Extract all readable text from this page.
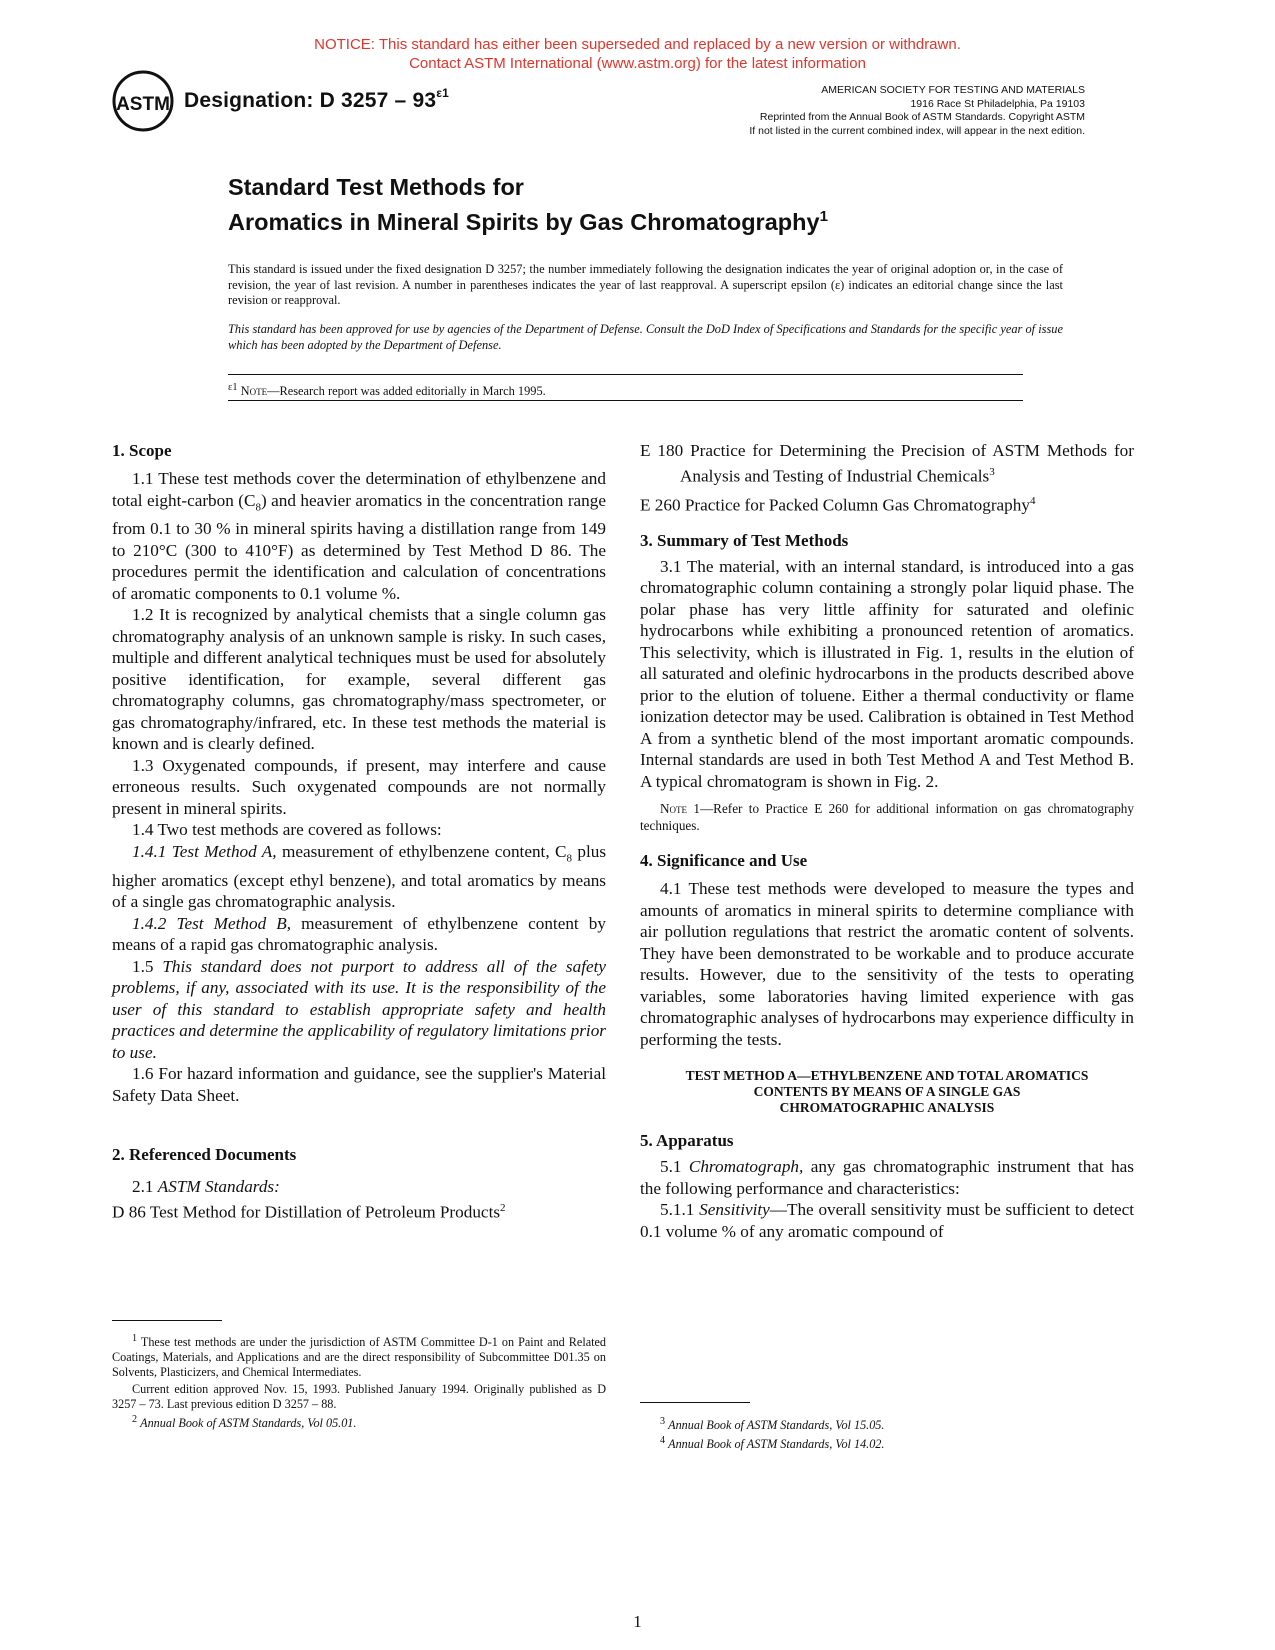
NOTICE: This standard has either been superseded and replaced by a new version or withdrawn.
Contact ASTM International (www.astm.org) for the latest information
ASTM Designation: D $3257 - 93^{\varepsilon 1}$	AMERICAN SOCIETY FOR TESTING AND MATERIALS
1916 Race St Philadelphia, Pa 19103
Reprinted from the Annual Book of ASTM Standards. Copyright ASTM
If not listed in the current combined index, will appear in the next edition.
Standard Test Methods for
Aromatics in Mineral Spirits by Gas Chromatography$^1$
This standard is issued under the fixed designation D 3257; the number immediately following the designation indicates the year of original adoption or, in the case of revision, the year of last revision. A number in parentheses indicates the year of last reapproval. A superscript epsilon (ε) indicates an editorial change since the last revision or reapproval.
This standard has been approved for use by agencies of the Department of Defense. Consult the DoD Index of Specifications and Standards for the specific year of issue which has been adopted by the Department of Defense.
$^{\varepsilon 1}$ Note—Research report was added editorially in March 1995.
1. Scope

1.1 These test methods cover the determination of ethylbenzene and total eight-carbon $(C_8)$ and heavier aromatics in the concentration range from 0.1 to 30 % in mineral spirits having a distillation range from 149 to 210°C (300 to 410°F) as determined by Test Method D 86. The procedures permit the identification and calculation of concentrations of aromatic components to 0.1 volume %.

1.2 It is recognized by analytical chemists that a single column gas chromatography analysis of an unknown sample is risky. In such cases, multiple and different analytical techniques must be used for absolutely positive identification, for example, several different gas chromatography columns, gas chromatography/mass spectrometer, or gas chromatography/infrared, etc. In these test methods the material is known and is clearly defined.

1.3 Oxygenated compounds, if present, may interfere and cause erroneous results. Such oxygenated compounds are not normally present in mineral spirits.

1.4 Two test methods are covered as follows:

1.4.1 Test Method A, measurement of ethylbenzene content, $C_8$ plus higher aromatics (except ethyl benzene), and total aromatics by means of a single gas chromatographic analysis.

1.4.2 Test Method B, measurement of ethylbenzene content by means of a rapid gas chromatographic analysis.

1.5 This standard does not purport to address all of the safety problems, if any, associated with its use. It is the responsibility of the user of this standard to establish appropriate safety and health practices and determine the applicability of regulatory limitations prior to use.

1.6 For hazard information and guidance, see the supplier's Material Safety Data Sheet.

2. Referenced Documents

2.1 ASTM Standards:

D 86 Test Method for Distillation of Petroleum Products$^2$

$^1$ These test methods are under the jurisdiction of ASTM Committee D-1 on Paint and Related Coatings, Materials, and Applications and are the direct responsibility of Subcommittee D01.35 on Solvents, Plasticizers, and Chemical Intermediates.

Current edition approved Nov. 15, 1993. Published January 1994. Originally published as D 3257 – 73. Last previous edition D 3257 – 88.

$^2$ Annual Book of ASTM Standards, Vol 05.01.

E 180 Practice for Determining the Precision of ASTM Methods for Analysis and Testing of Industrial Chemicals$^3$

E 260 Practice for Packed Column Gas Chromatography$^4$

3. Summary of Test Methods

3.1 The material, with an internal standard, is introduced into a gas chromatographic column containing a strongly polar liquid phase. The polar phase has very little affinity for saturated and olefinic hydrocarbons while exhibiting a pronounced retention of aromatics. This selectivity, which is illustrated in Fig. 1, results in the elution of all saturated and olefinic hydrocarbons in the products described above prior to the elution of toluene. Either a thermal conductivity or flame ionization detector may be used. Calibration is obtained in Test Method A from a synthetic blend of the most important aromatic compounds. Internal standards are used in both Test Method A and Test Method B. A typical chromatogram is shown in Fig. 2.

Note 1—Refer to Practice E 260 for additional information on gas chromatography techniques.

4. Significance and Use

4.1 These test methods were developed to measure the types and amounts of aromatics in mineral spirits to determine compliance with air pollution regulations that restrict the aromatic content of solvents. They have been demonstrated to be workable and to produce accurate results. However, due to the sensitivity of the tests to operating variables, some laboratories having limited experience with gas chromatographic analyses of hydrocarbons may experience difficulty in performing the tests.

TEST METHOD A—ETHYLBENZENE AND TOTAL AROMATICS CONTENTS BY MEANS OF A SINGLE GAS CHROMATOGRAPHIC ANALYSIS

5. Apparatus

5.1 Chromatograph, any gas chromatographic instrument that has the following performance and characteristics:

5.1.1 Sensitivity—The overall sensitivity must be sufficient to detect 0.1 volume % of any aromatic compound of

$^3$ Annual Book of ASTM Standards, Vol 15.05.

$^4$ Annual Book of ASTM Standards, Vol 14.02.

1
